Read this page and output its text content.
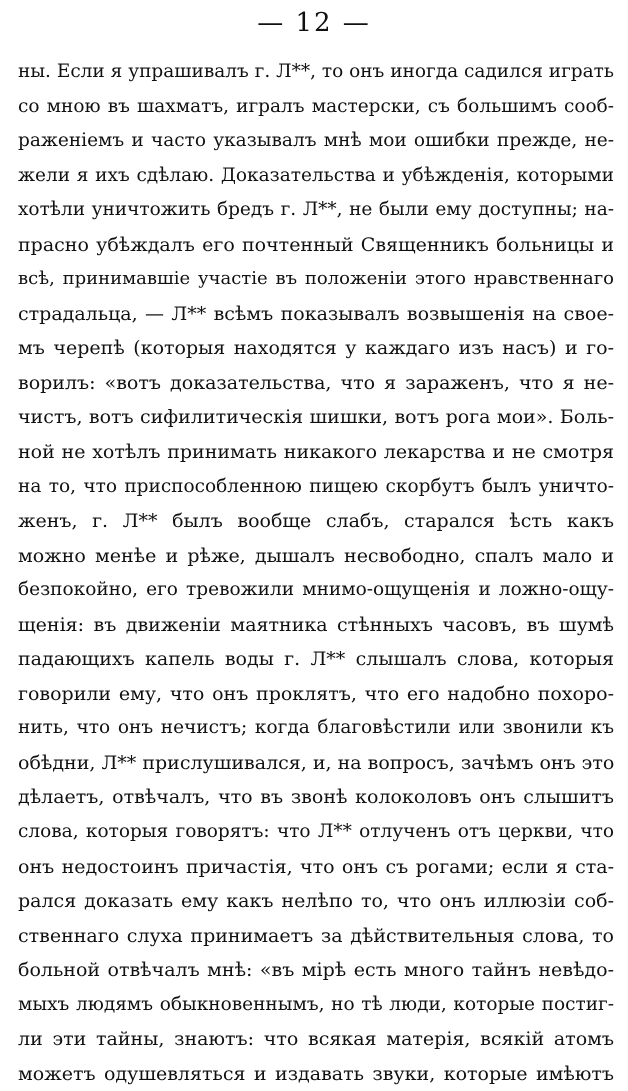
— 12 —
ны. Если я упрашивалъ г. Л**, то онъ иногда садился играть
со мною въ шахматъ, игралъ мастерски, съ большимъ сооб-
раженiемъ и часто указывалъ мнѣ мои ошибки прежде, не-
жели я ихъ сдѣлаю. Доказательства и убѣжденiя, которыми
хотѣли уничтожить бредъ г. Л**, не были ему доступны; на-
прасно убѣждалъ его почтенный Священникъ больницы и
всѣ, принимавшiе участiе въ положенiи этого нравственнаго
страдальца, — Л** всѣмъ показывалъ возвышенiя на свое-
мъ черепѣ (которыя находятся у каждаго изъ насъ) и го-
ворилъ: «вотъ доказательства, что я зараженъ, что я не-
чистъ, вотъ сифилитическiя шишки, вотъ рога мои». Боль-
ной не хотѣлъ принимать никакого лекарства и не смотря
на то, что приспособленною пищею скорбутъ былъ уничто-
женъ, г. Л** былъ вообще слабъ, старался ѣсть какъ
можно менѣе и рѣже, дышалъ несвободно, спалъ мало и
безпокойно, его тревожили мнимо-ощущенiя и ложно-ощу-
щенiя: въ движенiи маятника стѣнныхъ часовъ, въ шумѣ
падающихъ капель воды г. Л** слышалъ слова, которыя
говорили ему, что онъ проклятъ, что его надобно похоро-
нить, что онъ нечистъ; когда благовѣстили или звонили къ
обѣдни, Л** прислушивался, и, на вопросъ, зачѣмъ онъ это
дѣлаетъ, отвѣчалъ, что въ звонѣ колоколовъ онъ слышитъ
слова, которыя говорятъ: что Л** отлученъ отъ церкви, что
онъ недостоинъ причастiя, что онъ съ рогами; если я ста-
рался доказать ему какъ нелѣпо то, что онъ иллюзiи соб-
ственнаго слуха принимаетъ за дѣйствительныя слова, то
больной отвѣчалъ мнѣ: «въ мiрѣ есть много тайнъ невѣдо-
мыхъ людямъ обыкновеннымъ, но тѣ люди, которые постиг-
ли эти тайны, знаютъ: что всякая матерiя, всякiй атомъ
можетъ одушевляться и издавать звуки, которые имѣютъ
